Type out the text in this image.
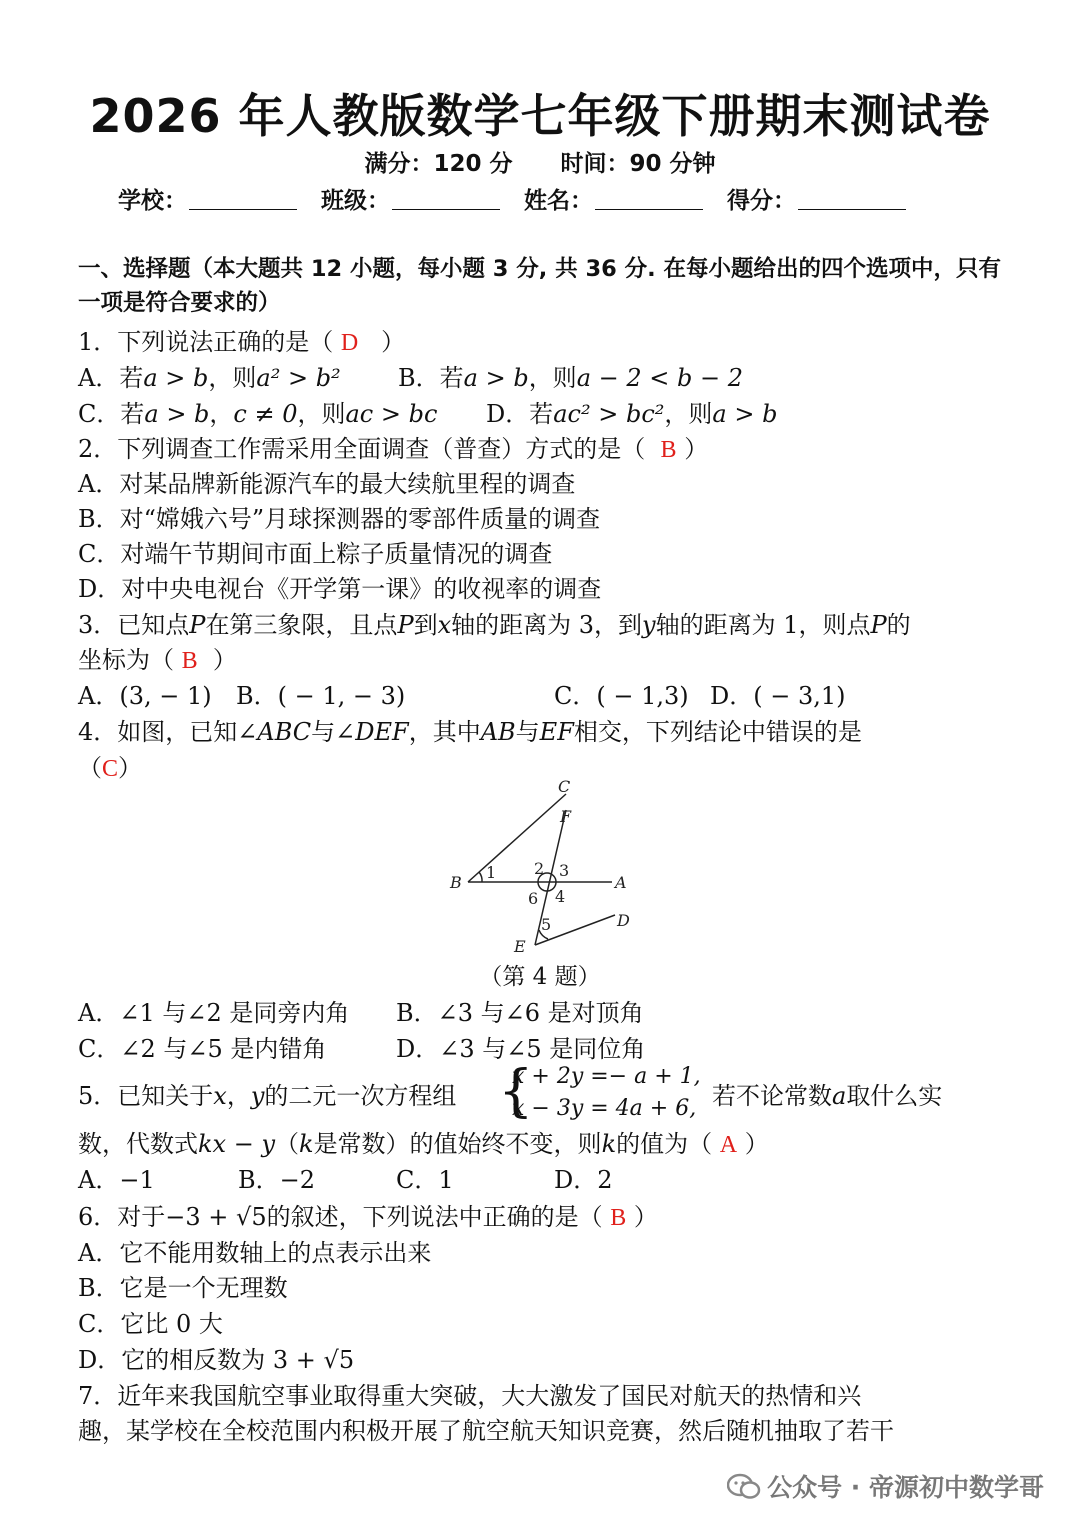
2026 年人教版数学七年级下册期末测试卷
满分：120 分 时间：90 分钟
学校：	班级：	姓名：	得分：
一、选择题（本大题共 12 小题，每小题 3 分, 共 36 分. 在每小题给出的四个选项中，只有一项是符合要求的）
1．下列说法正确的是（ D ）
A．若a > b，则a² > b² B．若a > b，则a − 2 < b − 2
C．若a > b，c ≠ 0，则ac > bc D．若ac² > bc²，则a > b
2．下列调查工作需采用全面调查（普查）方式的是（ B ）
A．对某品牌新能源汽车的最大续航里程的调查
B．对“嫦娥六号”月球探测器的零部件质量的调查
C．对端午节期间市面上粽子质量情况的调查
D．对中央电视台《开学第一课》的收视率的调查
3．已知点P在第三象限，且点P到x轴的距离为 3，到y轴的距离为 1，则点P的
坐标为（ B ）
A．(3, − 1) B．( − 1, − 3)	C．( − 1,3) D．( − 3,1)
4．如图，已知∠ABC与∠DEF，其中AB与EF相交，下列结论中错误的是
（C）
C
F
B	A
E
D
1 2 3
4
6
5
（第 4 题）
A．∠1 与∠2 是同旁内角 B．∠3 与∠6 是对顶角
C．∠2 与∠5 是内错角	D．∠3 与∠5 是同位角
5．已知关于x，y的二元一次方程组 {
x + 2y =− a + 1,
x − 3y = 4a + 6, 若不论常数a取什么实
数，代数式kx − y（k是常数）的值始终不变，则k的值为（ A ）
A．−1	B．−2	C．1	D．2
6．对于−3 + √5的叙述，下列说法中正确的是（ B ）
A．它不能用数轴上的点表示出来
B．它是一个无理数
C．它比 0 大
D．它的相反数为 3 + √5
7．近年来我国航空事业取得重大突破，大大激发了国民对航天的热情和兴
趣，某学校在全校范围内积极开展了航空航天知识竞赛，然后随机抽取了若干
公众号 · 帝源初中数学哥
